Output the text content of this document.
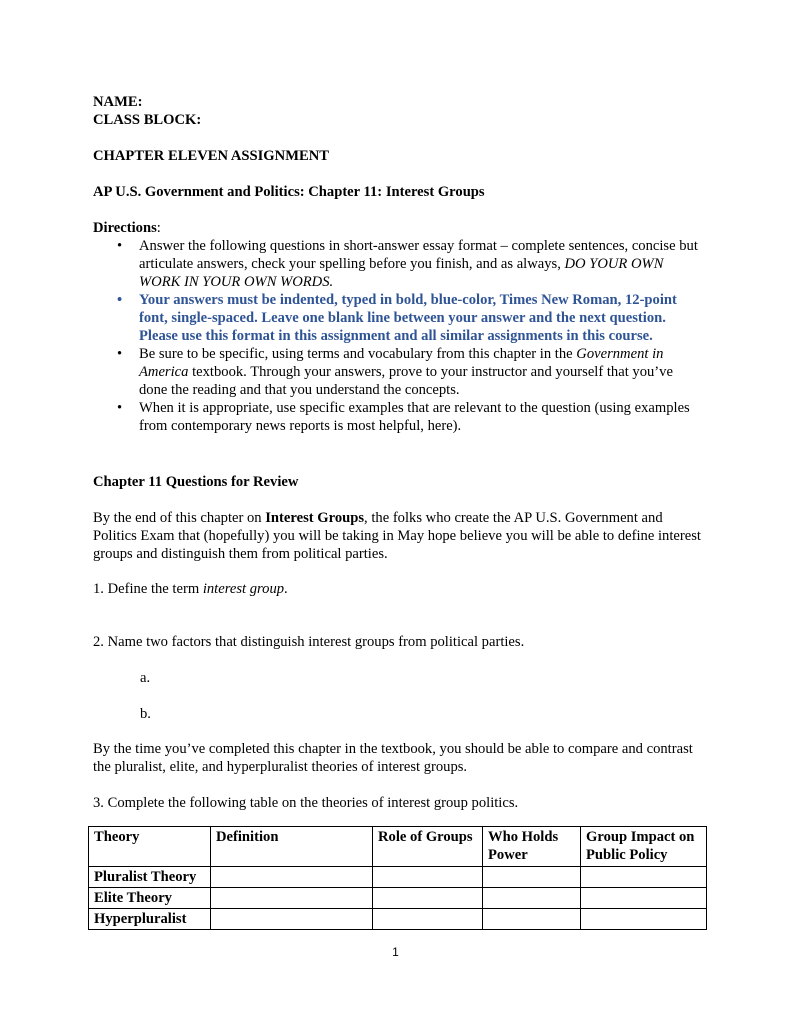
NAME:

CLASS BLOCK:

CHAPTER ELEVEN ASSIGNMENT

AP U.S. Government and Politics: Chapter 11: Interest Groups

Directions:

• Answer the following questions in short-answer essay format – complete sentences, concise but articulate answers, check your spelling before you finish, and as always, DO YOUR OWN WORK IN YOUR OWN WORDS.
• Your answers must be indented, typed in bold, blue-color, Times New Roman, 12-point font, single-spaced. Leave one blank line between your answer and the next question. Please use this format in this assignment and all similar assignments in this course.
• Be sure to be specific, using terms and vocabulary from this chapter in the Government in America textbook. Through your answers, prove to your instructor and yourself that you’ve done the reading and that you understand the concepts.
• When it is appropriate, use specific examples that are relevant to the question (using examples from contemporary news reports is most helpful, here).

Chapter 11 Questions for Review

By the end of this chapter on Interest Groups, the folks who create the AP U.S. Government and Politics Exam that (hopefully) you will be taking in May hope believe you will be able to define interest groups and distinguish them from political parties.

1. Define the term interest group.

2. Name two factors that distinguish interest groups from political parties.

a.

b.

By the time you’ve completed this chapter in the textbook, you should be able to compare and contrast the pluralist, elite, and hyperpluralist theories of interest groups.

3. Complete the following table on the theories of interest group politics.

Theory	Definition	Role of Groups	Who Holds Power	Group Impact on Public Policy
Pluralist Theory				
Elite Theory				
Hyperpluralist				
1
